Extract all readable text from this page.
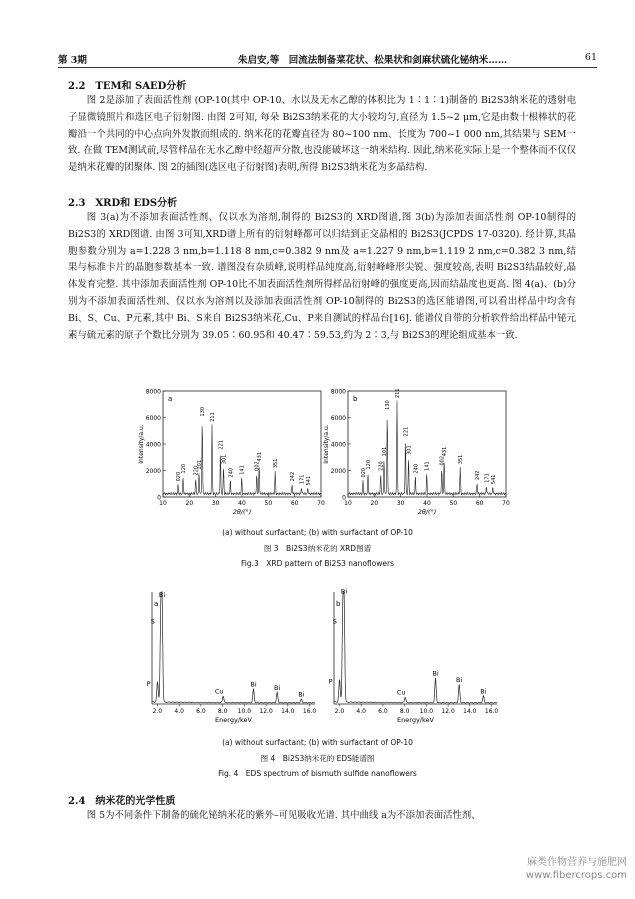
第 3期	朱启安,等　回流法制备菜花状、松果状和剑麻状硫化铋纳米……	61
2.2　TEM和 SAED分析

图 2是添加了表面活性剂 (OP-10(其中 OP-10、水以及无水乙醇的体积比为 1∶1∶1)制备的 Bi2S3纳米花的透射电子显微镜照片和选区电子衍射图. 由图 2可知, 每朵 Bi2S3纳米花的大小较均匀,直径为 1.5~2 μm,它是由数十根棒状的花瓣沿一个共同的中心点向外发散而组成的. 纳米花的花瓣直径为 80~100 nm、长度为 700~1 000 nm,其结果与 SEM一致. 在做 TEM测试前,尽管样品在无水乙醇中经超声分散,也没能破坏这一纳米结构. 因此,纳米花实际上是一个整体而不仅仅是纳米花瓣的团聚体. 图 2的插图(选区电子衍射图)表明,所得 Bi2S3纳米花为多晶结构.

2.3　XRD和 EDS分析

图 3(a)为不添加表面活性剂、仅以水为溶剂,制得的 Bi2S3的 XRD图谱,图 3(b)为添加表面活性剂 OP-10制得的 Bi2S3的 XRD图谱. 由图 3可知,XRD谱上所有的衍射峰都可以归结到正交晶相的 Bi2S3(JCPDS 17-0320). 经计算,其晶胞参数分别为 a=1.228 3 nm,b=1.118 8 nm,c=0.382 9 nm及 a=1.227 9 nm,b=1.119 2 nm,c=0.382 3 nm,结果与标准卡片的晶胞参数基本一致. 谱图没有杂质峰,说明样品纯度高,衍射峰峰形尖锐、强度较高,表明 Bi2S3结晶较好,晶体发育完整. 其中添加表面活性剂 OP-10比不加表面活性剂所得样品衍射峰的强度更高,因而结晶度也更高. 图 4(a)、(b)分别为不添加表面活性剂、仅以水为溶剂以及添加表面活性剂 OP-10制得的 Bi2S3的选区能谱图,可以看出样品中均含有 Bi、S、Cu、P元素,其中 Bi、S来自 Bi2S3纳米花,Cu、P来自测试的样品台[16]. 能谱仪自带的分析软件给出样品中铋元素与硫元素的原子个数比分别为 39.05∶60.95和 40.47∶59.53,约为 2∶3,与 Bi2S3的理论组成基本一致.

0
2000
4000
6000
8000
10	20	30	40	50	60	70
2θ/(°)
Intensity/a.u.
a
020
120 220
101
130
211
221
301
240 141 002
431
351
242 171 541
0
2000
4000
6000
8000
10	20	30	40	50	60	70
2θ/(°)
Intensity/a.u.
b
020
120 220
101
130
211
221
301
240 141
002
431
351
242 171 541
(a) without surfactant; (b) with surfactant of OP-10
图 3　Bi2S3纳米花的 XRD图谱
Fig.3　XRD pattern of Bi2S3 nanoflowers
2.0 4.0 6.0 8.0 10.0 12.0 14.0 16.0
Energy/keV
a
P
S
Bi
Cu
Bi	Bi
Bi
2.0 4.0 6.0 8.0 10.0 12.0 14.0 16.0
Energy/keV
b
P
S
Bi
Cu
Bi
Bi
Bi
(a) without surfactant; (b) with surfactant of OP-10
图 4　Bi2S3纳米花的 EDS能谱图
Fig. 4　EDS spectrum of bismuth sulfide nanoflowers
2.4　纳米花的光学性质

图 5为不同条件下制备的硫化铋纳米花的紫外–可见吸收光谱. 其中曲线 a为不添加表面活性剂、

麻类作物营养与施肥网
www.fibercrops.com
